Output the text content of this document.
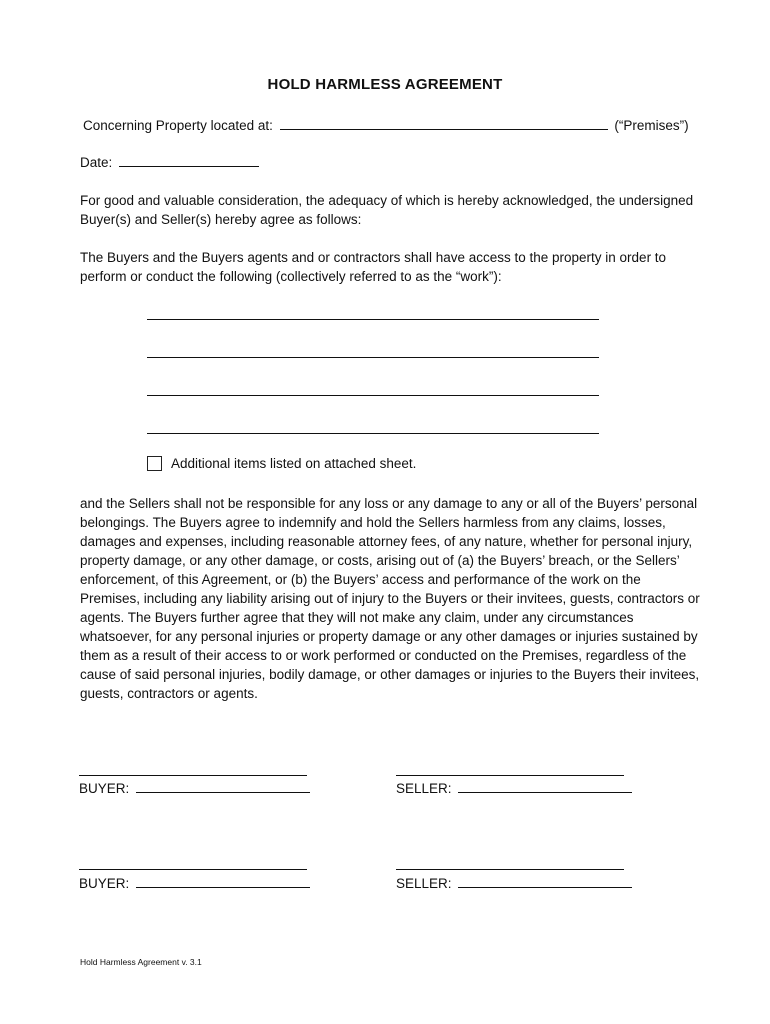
HOLD HARMLESS AGREEMENT
Concerning Property located at:	(“Premises”)
Date:
For good and valuable consideration, the adequacy of which is hereby acknowledged, the undersigned Buyer(s) and Seller(s) hereby agree as follows:
The Buyers and the Buyers agents and or contractors shall have access to the property in order to perform or conduct the following (collectively referred to as the “work”):
Additional items listed on attached sheet.
and the Sellers shall not be responsible for any loss or any damage to any or all of the Buyers’ personal belongings. The Buyers agree to indemnify and hold the Sellers harmless from any claims, losses, damages and expenses, including reasonable attorney fees, of any nature, whether for personal injury, property damage, or any other damage, or costs, arising out of (a) the Buyers’ breach, or the Sellers’ enforcement, of this Agreement, or (b) the Buyers’ access and performance of the work on the Premises, including any liability arising out of injury to the Buyers or their invitees, guests, contractors or agents. The Buyers further agree that they will not make any claim, under any circumstances whatsoever, for any personal injuries or property damage or any other damages or injuries sustained by them as a result of their access to or work performed or conducted on the Premises, regardless of the cause of said personal injuries, bodily damage, or other damages or injuries to the Buyers their invitees, guests, contractors or agents.
BUYER:	SELLER:
BUYER:	SELLER:
Hold Harmless Agreement v. 3.1
